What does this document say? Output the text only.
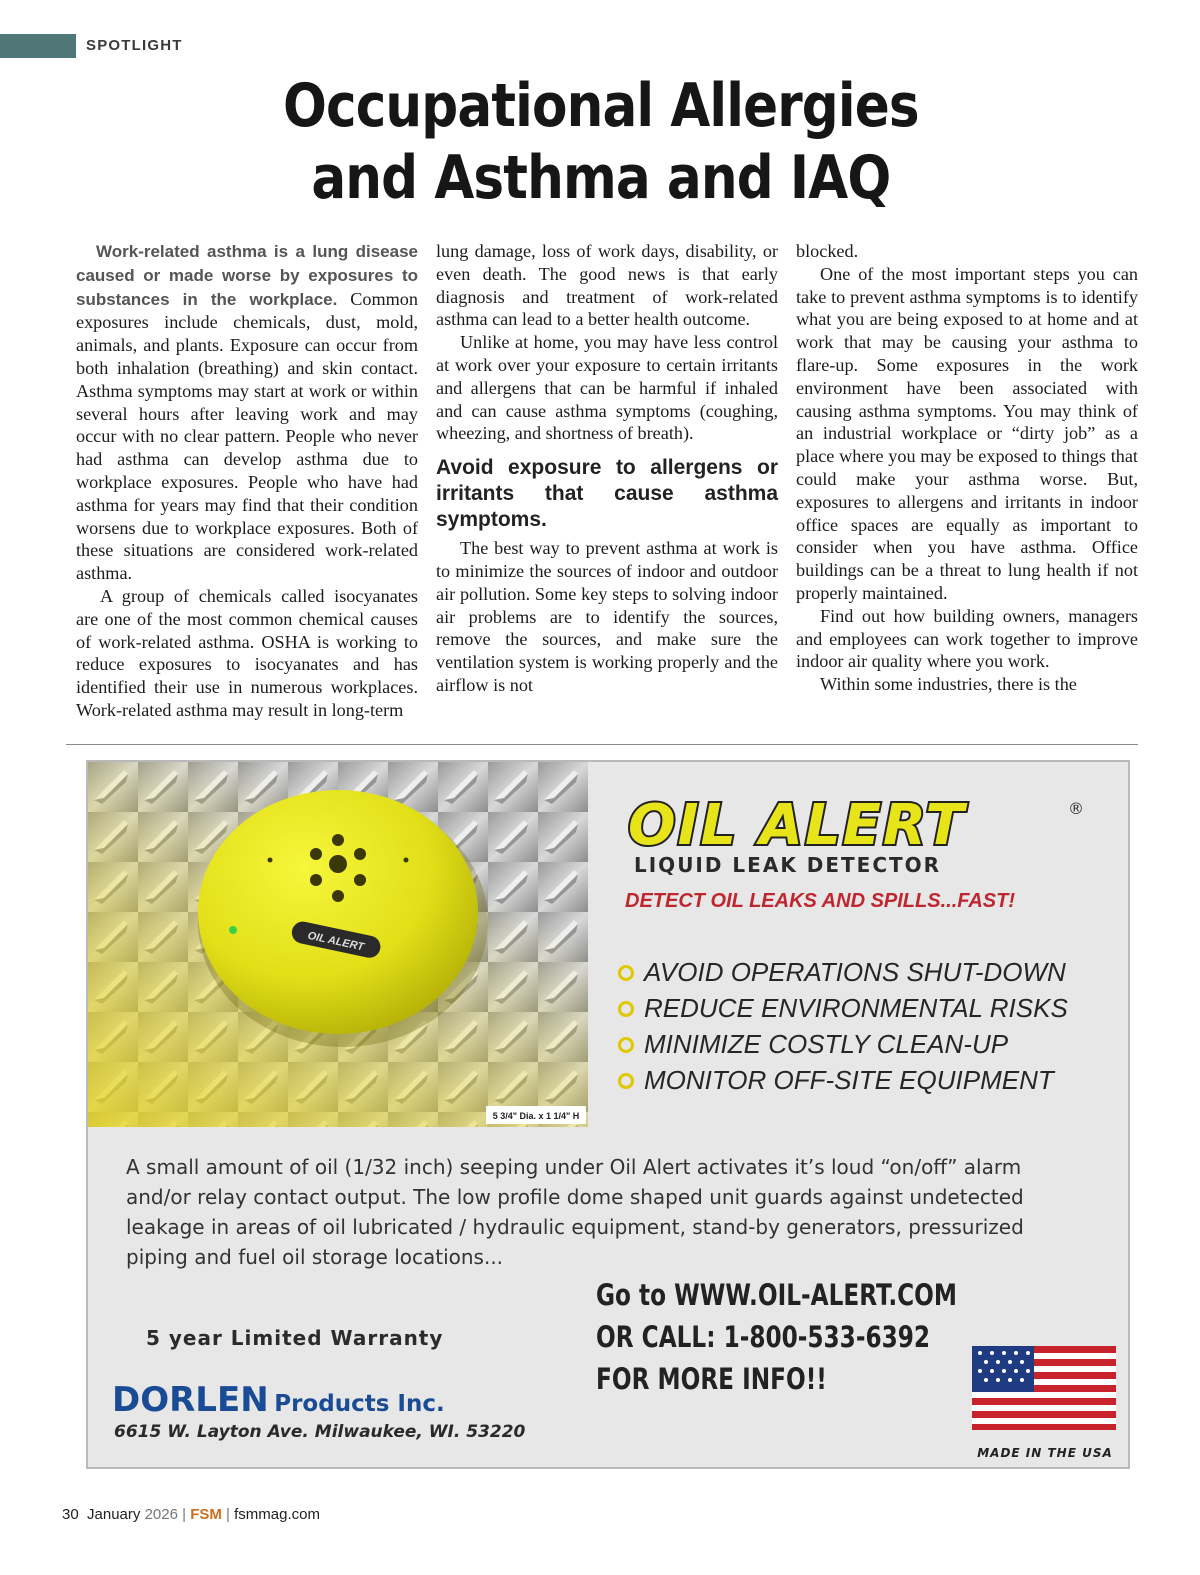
SPOTLIGHT
Occupational Allergies
and Asthma and IAQ

Work-related asthma is a lung disease caused or made worse by exposures to substances in the workplace. Common exposures include chemicals, dust, mold, animals, and plants. Exposure can occur from both inhalation (breathing) and skin contact. Asthma symptoms may start at work or within several hours after leaving work and may occur with no clear pattern. People who never had asthma can develop asthma due to workplace exposures. People who have had asthma for years may find that their condition worsens due to workplace exposures. Both of these situations are considered work-related asthma.

A group of chemicals called isocyanates are one of the most common chemical causes of work-related asthma. OSHA is working to reduce exposures to isocyanates and has identified their use in numerous workplaces. Work-related asthma may result in long-term

lung damage, loss of work days, disability, or even death. The good news is that early diagnosis and treatment of work-related asthma can lead to a better health outcome.

Unlike at home, you may have less control at work over your exposure to certain irritants and allergens that can be harmful if inhaled and can cause asthma symptoms (coughing, wheezing, and shortness of breath).

Avoid exposure to allergens or irritants that cause asthma symptoms.

The best way to prevent asthma at work is to minimize the sources of indoor and outdoor air pollution. Some key steps to solving indoor air problems are to identify the sources, remove the sources, and make sure the ventilation system is working properly and the airflow is not

blocked.

One of the most important steps you can take to prevent asthma symptoms is to identify what you are being exposed to at home and at work that may be causing your asthma to flare-up. Some exposures in the work environment have been associated with causing asthma symptoms. You may think of an industrial workplace or “dirty job” as a place where you may be exposed to things that could make your asthma worse. But, exposures to allergens and irritants in indoor office spaces are equally as important to consider when you have asthma. Office buildings can be a threat to lung health if not properly maintained.

Find out how building owners, managers and employees can work together to improve indoor air quality where you work.

Within some industries, there is the

OIL ALERT
5 3/4" Dia. x 1 1/4" H
OIL ALERT	®
LIQUID LEAK DETECTOR
DETECT OIL LEAKS AND SPILLS...FAST!
AVOID OPERATIONS SHUT-DOWN
REDUCE ENVIRONMENTAL RISKS
MINIMIZE COSTLY CLEAN-UP
MONITOR OFF-SITE EQUIPMENT
A small amount of oil (1/32 inch) seeping under Oil Alert activates it’s loud “on/off” alarm and/or relay contact output. The low profile dome shaped unit guards against undetected leakage in areas of oil lubricated / hydraulic equipment, stand-by generators, pressurized piping and fuel oil storage locations...
Go to WWW.OIL-ALERT.COM
OR CALL: 1-800-533-6392
FOR MORE INFO!!
5 year Limited Warranty
DORLEN Products Inc.
6615 W. Layton Ave. Milwaukee, WI. 53220
MADE IN THE USA
30 January 2026 | FSM | fsmmag.com
